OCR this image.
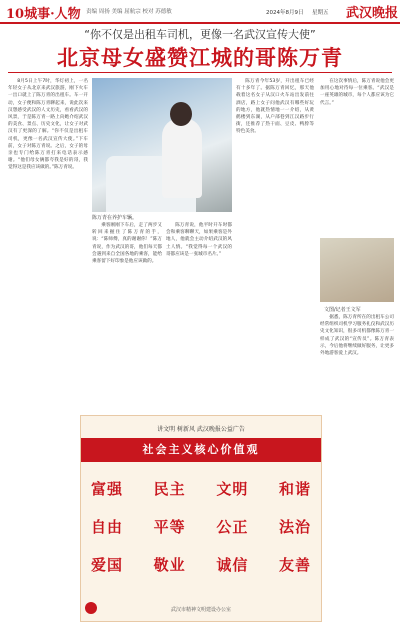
10城事·人物 责编 周扬 美编 屈航宗 校对 苏德敏	2024年8月9日 星期五 武汉晚报
“你不仅是出租车司机，更像一名武汉宣传大使”
北京母女盛赞江城的哥陈万青

8月5日上午7时，华灯初上，一名年轻女子从北京来武汉旅游，刚下火车一出口就上了陈万青的出租车。车一开动，女子便和陈万青聊起来，说此次来汉想感受武汉的人文历史，看看武汉的风景，于是陈万青一路上向她介绍武汉的美食、景点、历史文化，让女子对武汉有了更深的了解。“你不仅是出租车司机，更像一名武汉宣传大使。”下车前，女子对陈万青说。之后，女子的母亲也专门给陈万青打来电话表示感谢。“他们母女俩都夸我是好的哥，我觉得这是我应该做的。”陈万青说。

陈万青在养护车辆。

陈万青今年53岁，开出租车已经有十多年了。据陈万青回忆，那天他载着这名女子从汉口火车站出发前往酒店，路上女子问他武汉有哪些好玩的地方，他就热情地一一介绍，从黄鹤楼到东湖，从户部巷到江汉路步行街，还推荐了热干面、豆皮、鸭脖等特色美食。

在这次事情后，陈万青说他会更加用心地对待每一位乘客。“武汉是一座英雄的城市，每个人都应该为它代言。”

乘客刚刚下车后，走了两步又转回来握住了陈万青的手，说：“陈师傅，真的谢谢你！”陈万青说，作为武汉的哥，他们每天都会遇到来自全国各地的乘客，能给乘客留下好印象是他应该做的。

陈万青说，他平时开车时都会和乘客聊聊天，如果乘客是外地人，他就会主动介绍武汉的风土人情。“我觉得每一个武汉的哥都应该是一张城市名片。”

文图/记者王文军

据悉，陈万青所在的出租车公司经常组织司机学习服务礼仪和武汉历史文化知识，很多司机都像陈万青一样成了武汉的“宣传员”。陈万青表示，今后他将继续做好服务，让更多外地游客爱上武汉。

讲文明 树新风 武汉晚报公益广告
社会主义核心价值观
富强 民主 文明 和谐
自由 平等 公正 法治
爱国 敬业 诚信 友善
武汉市精神文明建设办公室
